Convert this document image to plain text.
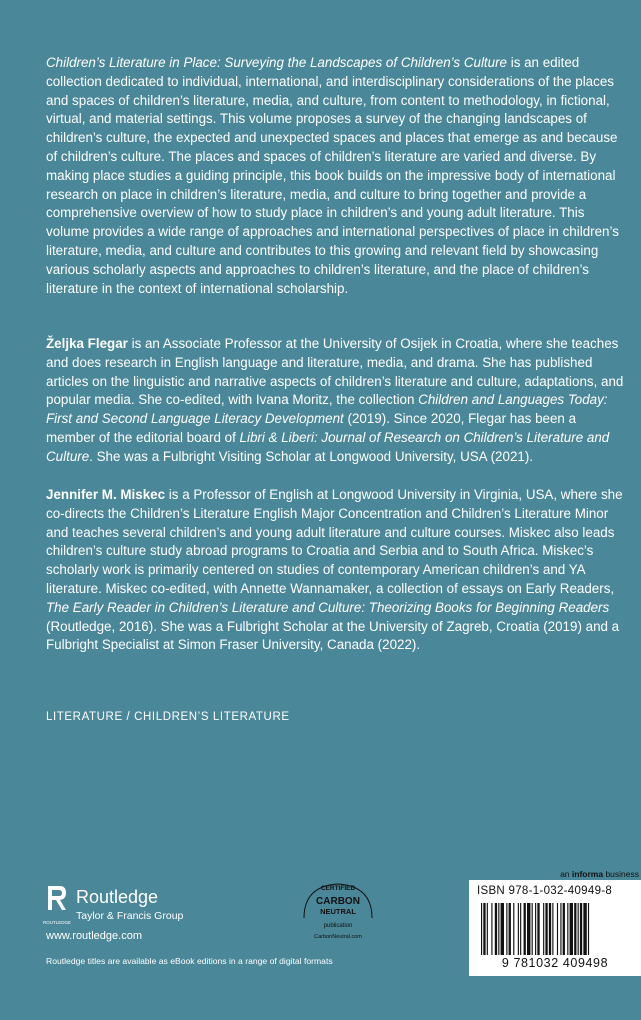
Children’s Literature in Place: Surveying the Landscapes of Children’s Culture is an edited collection dedicated to individual, international, and interdisciplinary considerations of the places and spaces of children’s literature, media, and culture, from content to methodology, in fictional, virtual, and material settings. This volume proposes a survey of the changing landscapes of children’s culture, the expected and unexpected spaces and places that emerge as and because of children’s culture. The places and spaces of children’s literature are varied and diverse. By making place studies a guiding principle, this book builds on the impressive body of international research on place in children’s literature, media, and culture to bring together and provide a comprehensive overview of how to study place in children’s and young adult literature. This volume provides a wide range of approaches and international perspectives of place in children’s literature, media, and culture and contributes to this growing and relevant field by showcasing various scholarly aspects and approaches to children’s literature, and the place of children’s literature in the context of international scholarship.

Željka Flegar is an Associate Professor at the University of Osijek in Croatia, where she teaches and does research in English language and literature, media, and drama. She has published articles on the linguistic and narrative aspects of children’s literature and culture, adaptations, and popular media. She co-edited, with Ivana Moritz, the collection Children and Languages Today: First and Second Language Literacy Development (2019). Since 2020, Flegar has been a member of the editorial board of Libri & Liberi: Journal of Research on Children’s Literature and Culture. She was a Fulbright Visiting Scholar at Longwood University, USA (2021).

Jennifer M. Miskec is a Professor of English at Longwood University in Virginia, USA, where she co-directs the Children’s Literature English Major Concentration and Children’s Literature Minor and teaches several children’s and young adult literature and culture courses. Miskec also leads children’s culture study abroad programs to Croatia and Serbia and to South Africa. Miskec’s scholarly work is primarily centered on studies of contemporary American children’s and YA literature. Miskec co-edited, with Annette Wannamaker, a collection of essays on Early Readers, The Early Reader in Children’s Literature and Culture: Theorizing Books for Beginning Readers (Routledge, 2016). She was a Fulbright Scholar at the University of Zagreb, Croatia (2019) and a Fulbright Specialist at Simon Fraser University, Canada (2022).

LITERATURE / CHILDREN’S LITERATURE
ROUTLEDGE
Routledge
Taylor & Francis Group
www.routledge.com
Routledge titles are available as eBook editions in a range of digital formats
CERTIFIED
CARBON
NEUTRAL
publication
CarbonNeutral.com
an informa business
ISBN 978-1-032-40949-8
9 781032 409498
